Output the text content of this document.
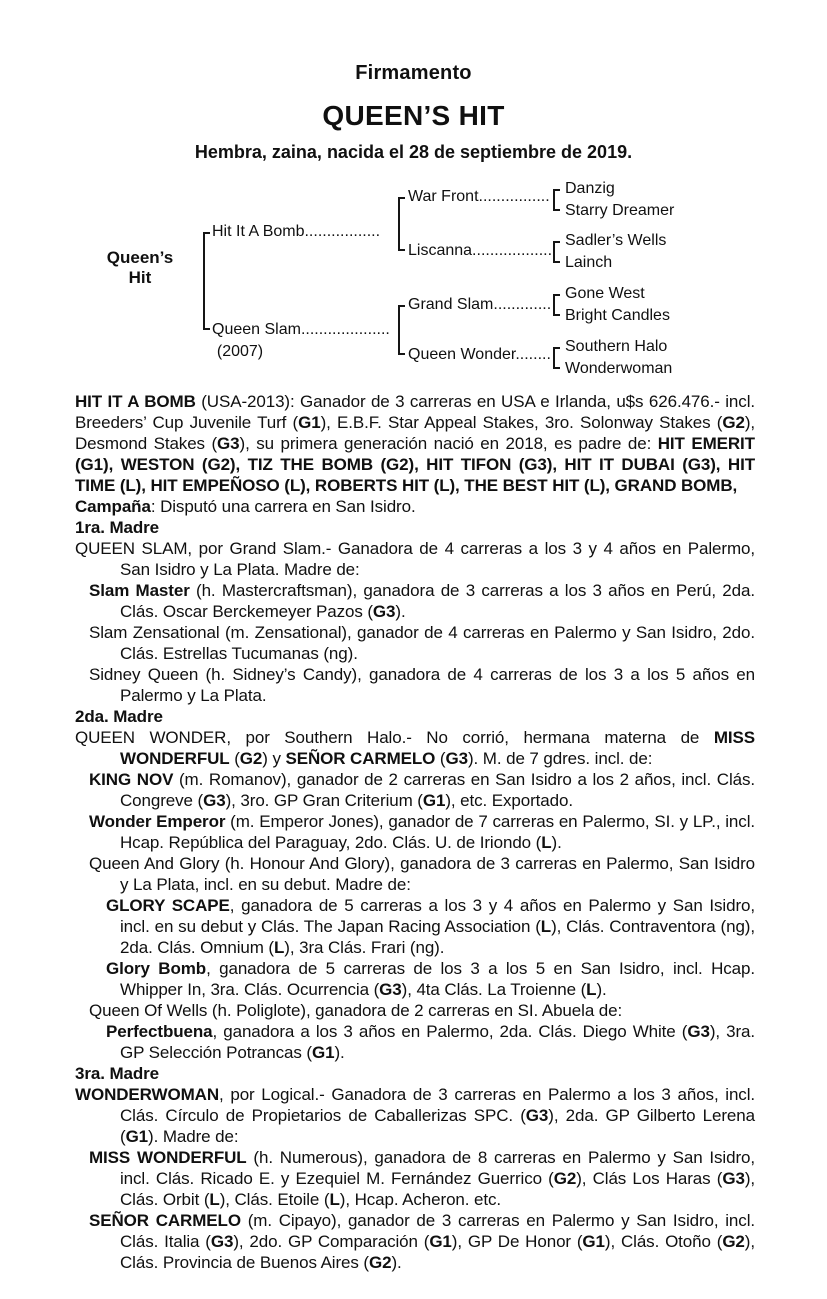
Firmamento
QUEEN’S HIT
Hembra, zaina, nacida el 28 de septiembre de 2019.
Queen’s
Hit
Hit It A Bomb.................
Queen Slam....................
(2007)
War Front................
Liscanna..................
Grand Slam.............
Queen Wonder........
Danzig
Starry Dreamer
Sadler’s Wells
Lainch
Gone West
Bright Candles
Southern Halo
Wonderwoman

HIT IT A BOMB (USA-2013): Ganador de 3 carreras en USA e Irlanda, u$s 626.476.- incl. Breeders’ Cup Juvenile Turf (G1), E.B.F. Star Appeal Stakes, 3ro. Solonway Stakes (G2), Desmond Stakes (G3), su primera generación nació en 2018, es padre de: HIT EMERIT (G1), WESTON (G2), TIZ THE BOMB (G2), HIT TIFON (G3), HIT IT DUBAI (G3), HIT TIME (L), HIT EMPEÑOSO (L), ROBERTS HIT (L), THE BEST HIT (L), GRAND BOMB,

Campaña: Disputó una carrera en San Isidro.

1ra. Madre

QUEEN SLAM, por Grand Slam.- Ganadora de 4 carreras a los 3 y 4 años en Palermo, San Isidro y La Plata. Madre de:

Slam Master (h. Mastercraftsman), ganadora de 3 carreras a los 3 años en Perú, 2da. Clás. Oscar Berckemeyer Pazos (G3).

Slam Zensational (m. Zensational), ganador de 4 carreras en Palermo y San Isidro, 2do. Clás. Estrellas Tucumanas (ng).

Sidney Queen (h. Sidney’s Candy), ganadora de 4 carreras de los 3 a los 5 años en Palermo y La Plata.

2da. Madre

QUEEN WONDER, por Southern Halo.- No corrió, hermana materna de MISS WONDERFUL (G2) y SEÑOR CARMELO (G3). M. de 7 gdres. incl. de:

KING NOV (m. Romanov), ganador de 2 carreras en San Isidro a los 2 años, incl. Clás. Congreve (G3), 3ro. GP Gran Criterium (G1), etc. Exportado.

Wonder Emperor (m. Emperor Jones), ganador de 7 carreras en Palermo, SI. y LP., incl. Hcap. República del Paraguay, 2do. Clás. U. de Iriondo (L).

Queen And Glory (h. Honour And Glory), ganadora de 3 carreras en Palermo, San Isidro y La Plata, incl. en su debut. Madre de:

GLORY SCAPE, ganadora de 5 carreras a los 3 y 4 años en Palermo y San Isidro, incl. en su debut y Clás. The Japan Racing Association (L), Clás. Contraventora (ng), 2da. Clás. Omnium (L), 3ra Clás. Frari (ng).

Glory Bomb, ganadora de 5 carreras de los 3 a los 5 en San Isidro, incl. Hcap. Whipper In, 3ra. Clás. Ocurrencia (G3), 4ta Clás. La Troienne (L).

Queen Of Wells (h. Poliglote), ganadora de 2 carreras en SI. Abuela de:

Perfectbuena, ganadora a los 3 años en Palermo, 2da. Clás. Diego White (G3), 3ra. GP Selección Potrancas (G1).

3ra. Madre

WONDERWOMAN, por Logical.- Ganadora de 3 carreras en Palermo a los 3 años, incl. Clás. Círculo de Propietarios de Caballerizas SPC. (G3), 2da. GP Gilberto Lerena (G1). Madre de:

MISS WONDERFUL (h. Numerous), ganadora de 8 carreras en Palermo y San Isidro, incl. Clás. Ricado E. y Ezequiel M. Fernández Guerrico (G2), Clás Los Haras (G3), Clás. Orbit (L), Clás. Etoile (L), Hcap. Acheron. etc.

SEÑOR CARMELO (m. Cipayo), ganador de 3 carreras en Palermo y San Isidro, incl. Clás. Italia (G3), 2do. GP Comparación (G1), GP De Honor (G1), Clás. Otoño (G2), Clás. Provincia de Buenos Aires (G2).
